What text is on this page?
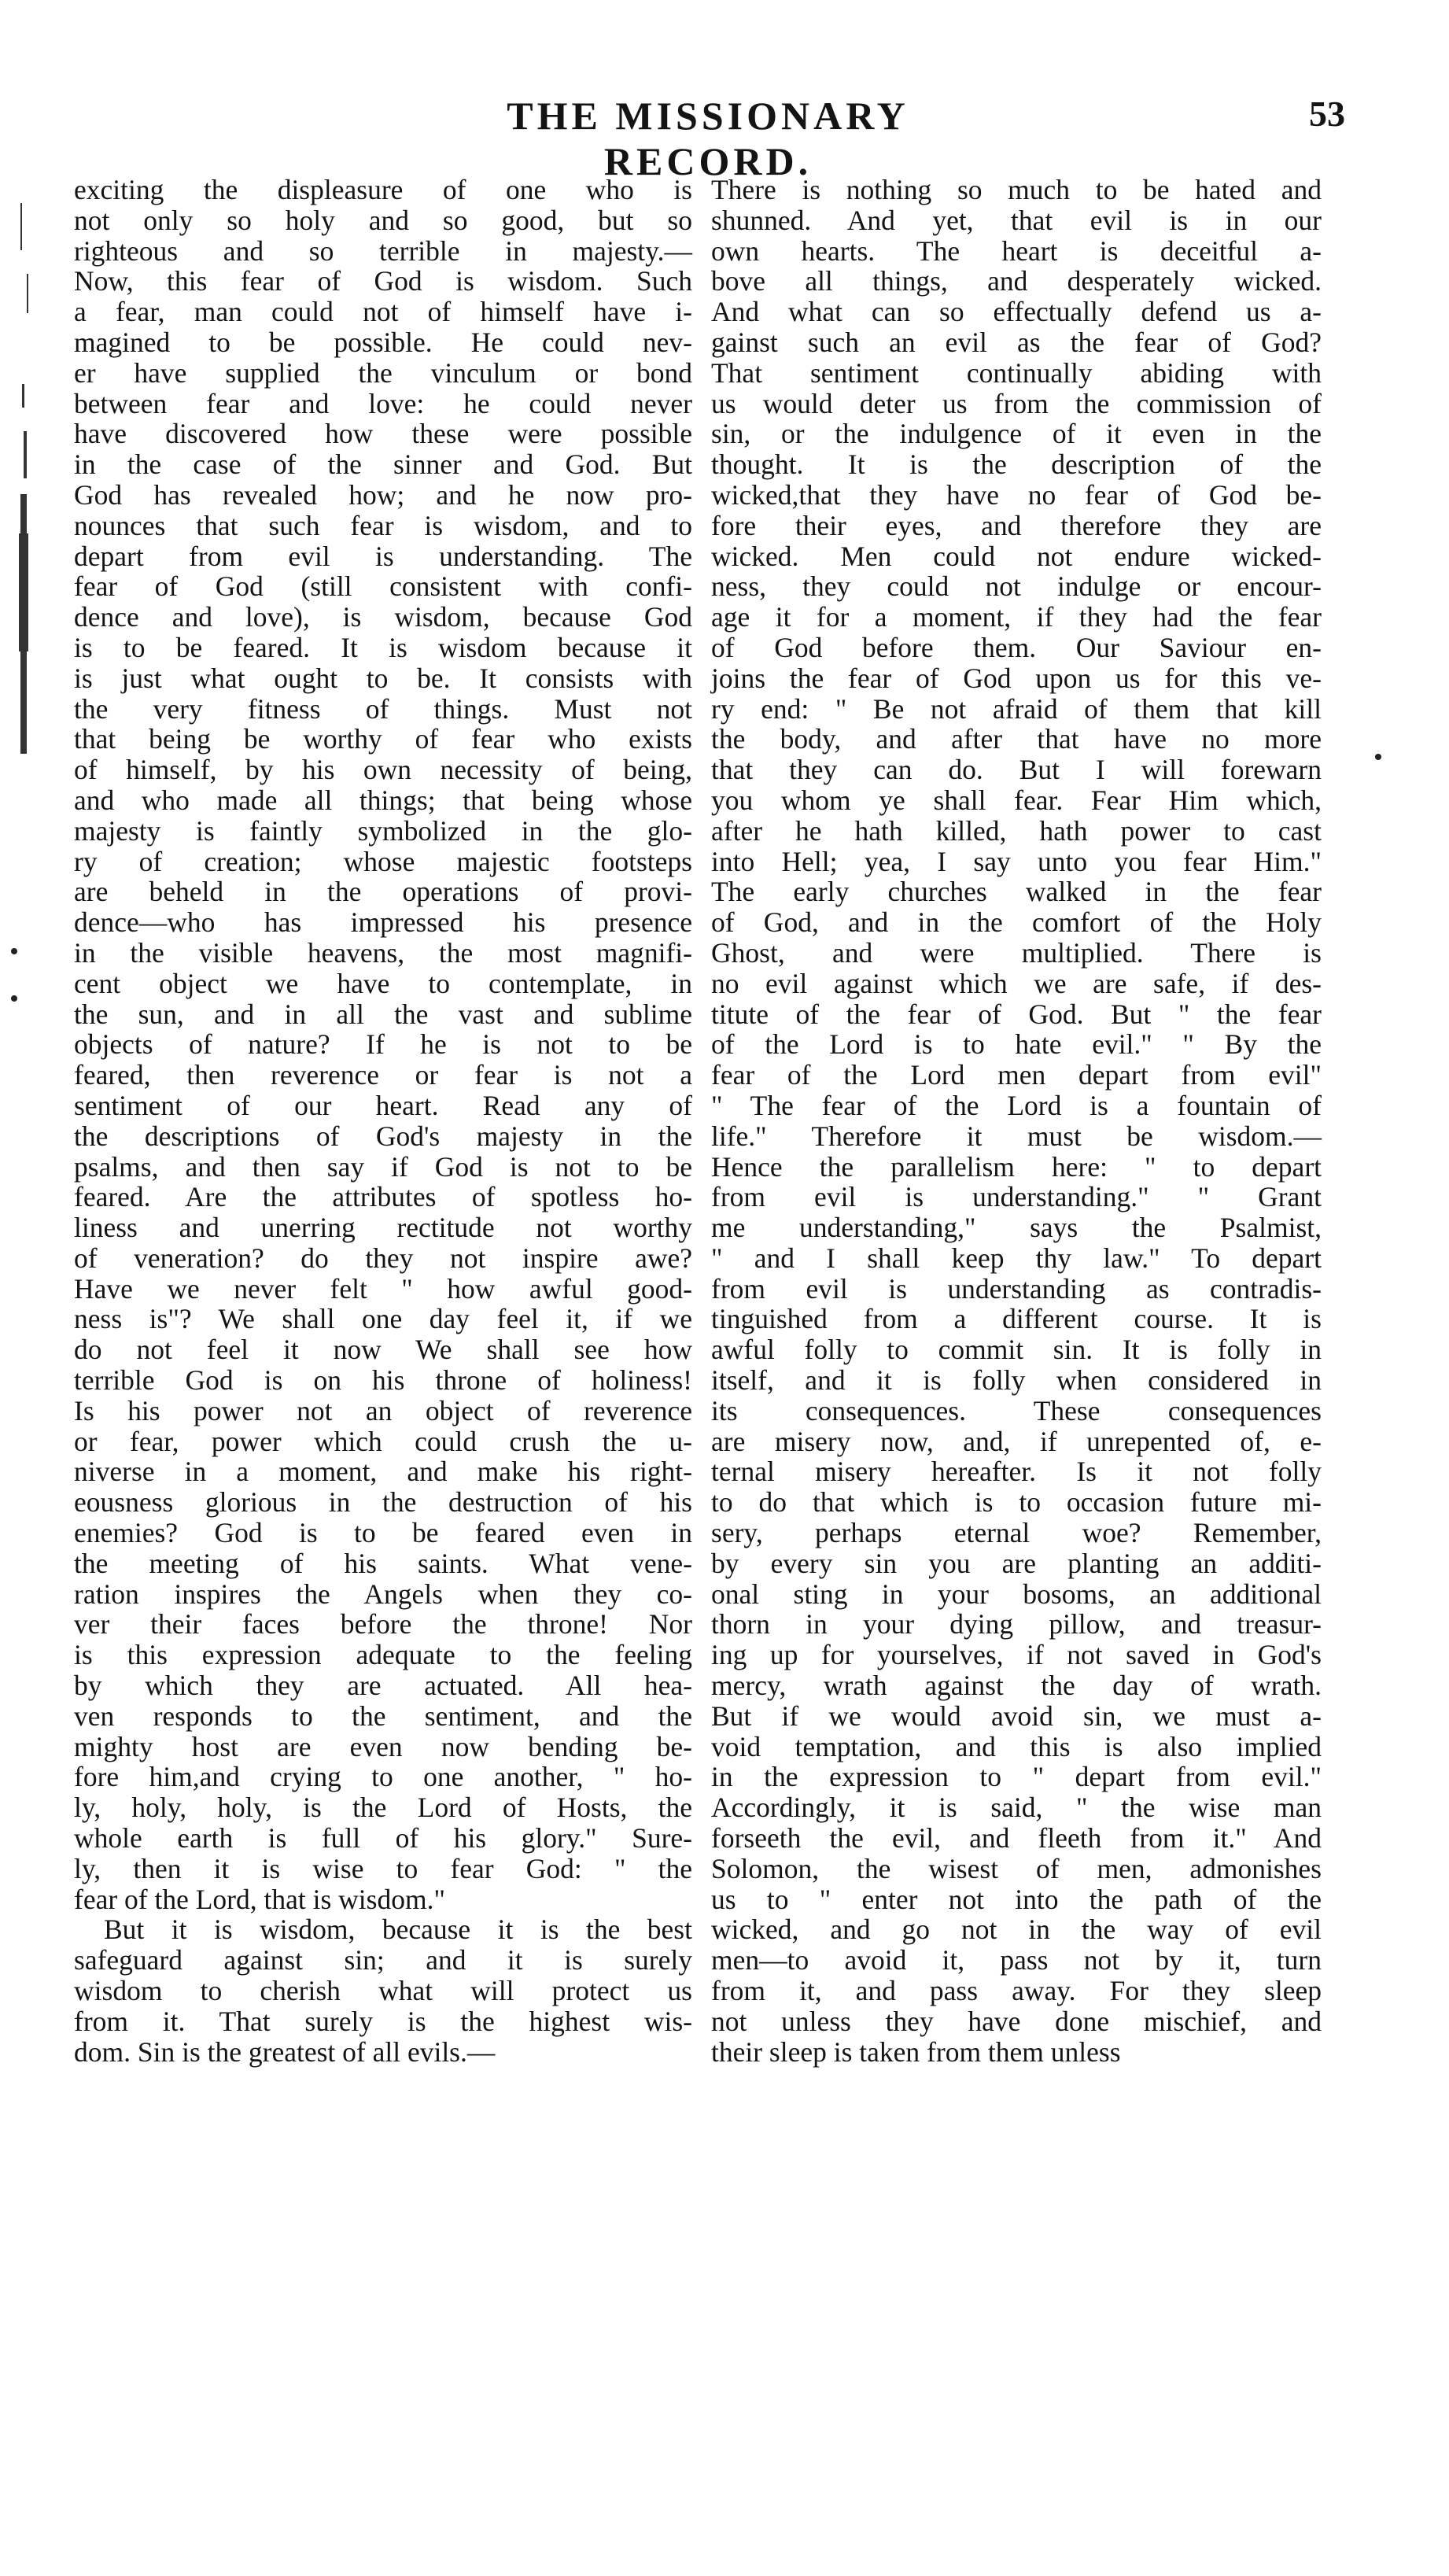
THE MISSIONARY RECORD.
53
exciting the displeasure of one who is
not only so holy and so good, but so
righteous and so terrible in majesty.—
Now, this fear of God is wisdom. Such
a fear, man could not of himself have i-
magined to be possible. He could nev-
er have supplied the vinculum or bond
between fear and love: he could never
have discovered how these were possible
in the case of the sinner and God. But
God has revealed how; and he now pro-
nounces that such fear is wisdom, and to
depart from evil is understanding. The
fear of God (still consistent with confi-
dence and love), is wisdom, because God
is to be feared. It is wisdom because it
is just what ought to be. It consists with
the very fitness of things. Must not
that being be worthy of fear who exists
of himself, by his own necessity of being,
and who made all things; that being whose
majesty is faintly symbolized in the glo-
ry of creation; whose majestic footsteps
are beheld in the operations of provi-
dence—who has impressed his presence
in the visible heavens, the most magnifi-
cent object we have to contemplate, in
the sun, and in all the vast and sublime
objects of nature? If he is not to be
feared, then reverence or fear is not a
sentiment of our heart. Read any of
the descriptions of God's majesty in the
psalms, and then say if God is not to be
feared. Are the attributes of spotless ho-
liness and unerring rectitude not worthy
of veneration? do they not inspire awe?
Have we never felt " how awful good-
ness is"? We shall one day feel it, if we
do not feel it now We shall see how
terrible God is on his throne of holiness!
Is his power not an object of reverence
or fear, power which could crush the u-
niverse in a moment, and make his right-
eousness glorious in the destruction of his
enemies? God is to be feared even in
the meeting of his saints. What vene-
ration inspires the Angels when they co-
ver their faces before the throne! Nor
is this expression adequate to the feeling
by which they are actuated. All hea-
ven responds to the sentiment, and the
mighty host are even now bending be-
fore him,and crying to one another, " ho-
ly, holy, holy, is the Lord of Hosts, the
whole earth is full of his glory." Sure-
ly, then it is wise to fear God: " the
fear of the Lord, that is wisdom."
But it is wisdom, because it is the best
safeguard against sin; and it is surely
wisdom to cherish what will protect us
from it. That surely is the highest wis-
dom. Sin is the greatest of all evils.—
There is nothing so much to be hated and
shunned. And yet, that evil is in our
own hearts. The heart is deceitful a-
bove all things, and desperately wicked.
And what can so effectually defend us a-
gainst such an evil as the fear of God?
That sentiment continually abiding with
us would deter us from the commission of
sin, or the indulgence of it even in the
thought. It is the description of the
wicked,that they have no fear of God be-
fore their eyes, and therefore they are
wicked. Men could not endure wicked-
ness, they could not indulge or encour-
age it for a moment, if they had the fear
of God before them. Our Saviour en-
joins the fear of God upon us for this ve-
ry end: " Be not afraid of them that kill
the body, and after that have no more
that they can do. But I will forewarn
you whom ye shall fear. Fear Him which,
after he hath killed, hath power to cast
into Hell; yea, I say unto you fear Him."
The early churches walked in the fear
of God, and in the comfort of the Holy
Ghost, and were multiplied. There is
no evil against which we are safe, if des-
titute of the fear of God. But " the fear
of the Lord is to hate evil." " By the
fear of the Lord men depart from evil"
" The fear of the Lord is a fountain of
life." Therefore it must be wisdom.—
Hence the parallelism here: " to depart
from evil is understanding." " Grant
me understanding," says the Psalmist,
" and I shall keep thy law." To depart
from evil is understanding as contradis-
tinguished from a different course. It is
awful folly to commit sin. It is folly in
itself, and it is folly when considered in
its consequences. These consequences
are misery now, and, if unrepented of, e-
ternal misery hereafter. Is it not folly
to do that which is to occasion future mi-
sery, perhaps eternal woe? Remember,
by every sin you are planting an additi-
onal sting in your bosoms, an additional
thorn in your dying pillow, and treasur-
ing up for yourselves, if not saved in God's
mercy, wrath against the day of wrath.
But if we would avoid sin, we must a-
void temptation, and this is also implied
in the expression to " depart from evil."
Accordingly, it is said, " the wise man
forseeth the evil, and fleeth from it." And
Solomon, the wisest of men, admonishes
us to " enter not into the path of the
wicked, and go not in the way of evil
men—to avoid it, pass not by it, turn
from it, and pass away. For they sleep
not unless they have done mischief, and
their sleep is taken from them unless
